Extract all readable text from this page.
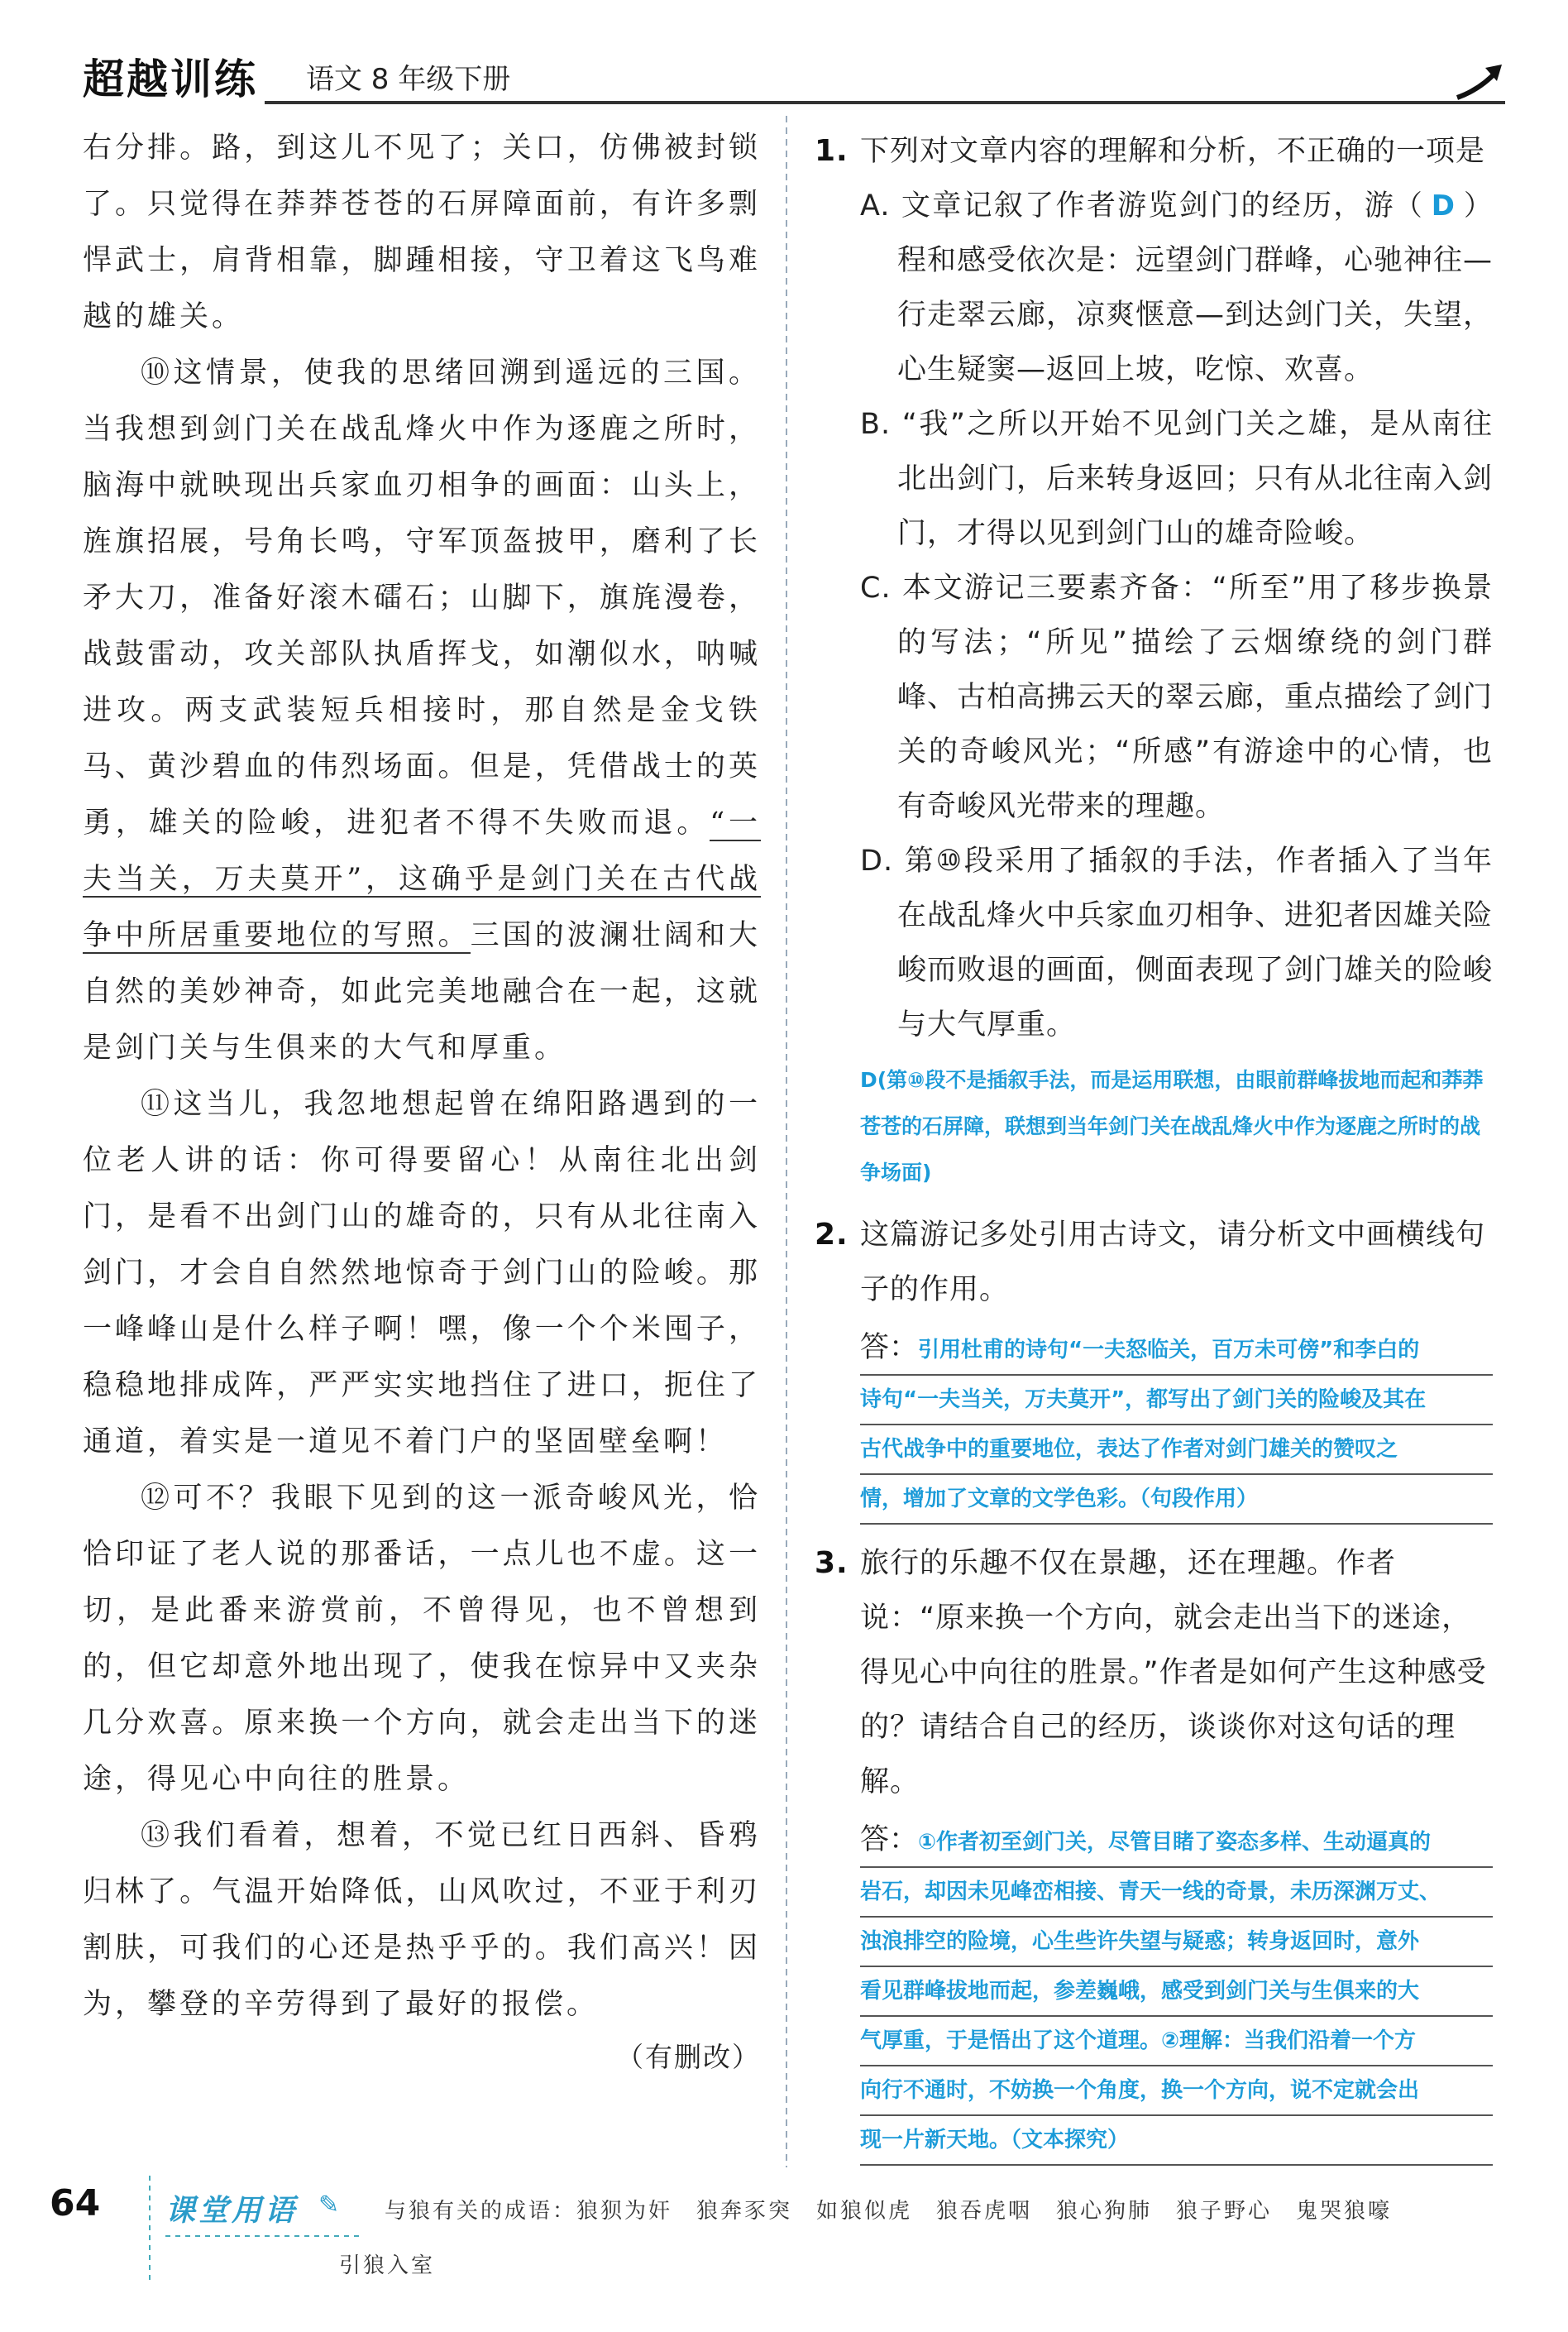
超越训练 语文 8 年级下册

右分排。路，到这儿不见了；关口，仿佛被封锁了。只觉得在莽莽苍苍的石屏障面前，有许多剽悍武士，肩背相靠，脚踵相接，守卫着这飞鸟难越的雄关。

⑩这情景，使我的思绪回溯到遥远的三国。当我想到剑门关在战乱烽火中作为逐鹿之所时，脑海中就映现出兵家血刃相争的画面：山头上，旌旗招展，号角长鸣，守军顶盔披甲，磨利了长矛大刀，准备好滚木礌石；山脚下，旗旄漫卷，战鼓雷动，攻关部队执盾挥戈，如潮似水，呐喊进攻。两支武装短兵相接时，那自然是金戈铁马、黄沙碧血的伟烈场面。但是，凭借战士的英勇，雄关的险峻，进犯者不得不失败而退。“一夫当关，万夫莫开”，这确乎是剑门关在古代战争中所居重要地位的写照。三国的波澜壮阔和大自然的美妙神奇，如此完美地融合在一起，这就是剑门关与生俱来的大气和厚重。

⑪这当儿，我忽地想起曾在绵阳路遇到的一位老人讲的话：你可得要留心！从南往北出剑门，是看不出剑门山的雄奇的，只有从北往南入剑门，才会自自然然地惊奇于剑门山的险峻。那一峰峰山是什么样子啊！嘿，像一个个米囤子，稳稳地排成阵，严严实实地挡住了进口，扼住了通道，着实是一道见不着门户的坚固壁垒啊！

⑫可不？我眼下见到的这一派奇峻风光，恰恰印证了老人说的那番话，一点儿也不虚。这一切，是此番来游赏前，不曾得见，也不曾想到的，但它却意外地出现了，使我在惊异中又夹杂几分欢喜。原来换一个方向，就会走出当下的迷途，得见心中向往的胜景。

⑬我们看着，想着，不觉已红日西斜、昏鸦归林了。气温开始降低，山风吹过，不亚于利刃割肤，可我们的心还是热乎乎的。我们高兴！因为，攀登的辛劳得到了最好的报偿。

（有删改）
1. 下列对文章内容的理解和分析，不正确的一项是
（ D ）
A. 文章记叙了作者游览剑门的经历，游程和感受依次是：远望剑门群峰，心驰神往—行走翠云廊，凉爽惬意—到达剑门关，失望，心生疑窦—返回上坡，吃惊、欢喜。
B. “我”之所以开始不见剑门关之雄，是从南往北出剑门，后来转身返回；只有从北往南入剑门，才得以见到剑门山的雄奇险峻。
C. 本文游记三要素齐备：“所至”用了移步换景的写法；“所见”描绘了云烟缭绕的剑门群峰、古柏高拂云天的翠云廊，重点描绘了剑门关的奇峻风光；“所感”有游途中的心情，也有奇峻风光带来的理趣。
D. 第⑩段采用了插叙的手法，作者插入了当年在战乱烽火中兵家血刃相争、进犯者因雄关险峻而败退的画面，侧面表现了剑门雄关的险峻与大气厚重。
D(第⑩段不是插叙手法，而是运用联想，由眼前群峰拔地而起和莽莽苍苍的石屏障，联想到当年剑门关在战乱烽火中作为逐鹿之所时的战争场面)
2. 这篇游记多处引用古诗文，请分析文中画横线句子的作用。
答：引用杜甫的诗句“一夫怒临关，百万未可傍”和李白的
诗句“一夫当关，万夫莫开”，都写出了剑门关的险峻及其在
古代战争中的重要地位，表达了作者对剑门雄关的赞叹之
情，增加了文章的文学色彩。（句段作用）
3. 旅行的乐趣不仅在景趣，还在理趣。作者说：“原来换一个方向，就会走出当下的迷途，得见心中向往的胜景。”作者是如何产生这种感受的？请结合自己的经历，谈谈你对这句话的理解。
答：①作者初至剑门关，尽管目睹了姿态多样、生动逼真的
岩石，却因未见峰峦相接、青天一线的奇景，未历深渊万丈、
浊浪排空的险境，心生些许失望与疑惑；转身返回时，意外
看见群峰拔地而起，参差巍峨，感受到剑门关与生俱来的大
气厚重，于是悟出了这个道理。②理解：当我们沿着一个方
向行不通时，不妨换一个角度，换一个方向，说不定就会出
现一片新天地。（文本探究）
64 课堂用语 ✎ 与狼有关的成语：狼狈为奸　狼奔豕突　如狼似虎　狼吞虎咽　狼心狗肺　狼子野心　鬼哭狼嚎
引狼入室
